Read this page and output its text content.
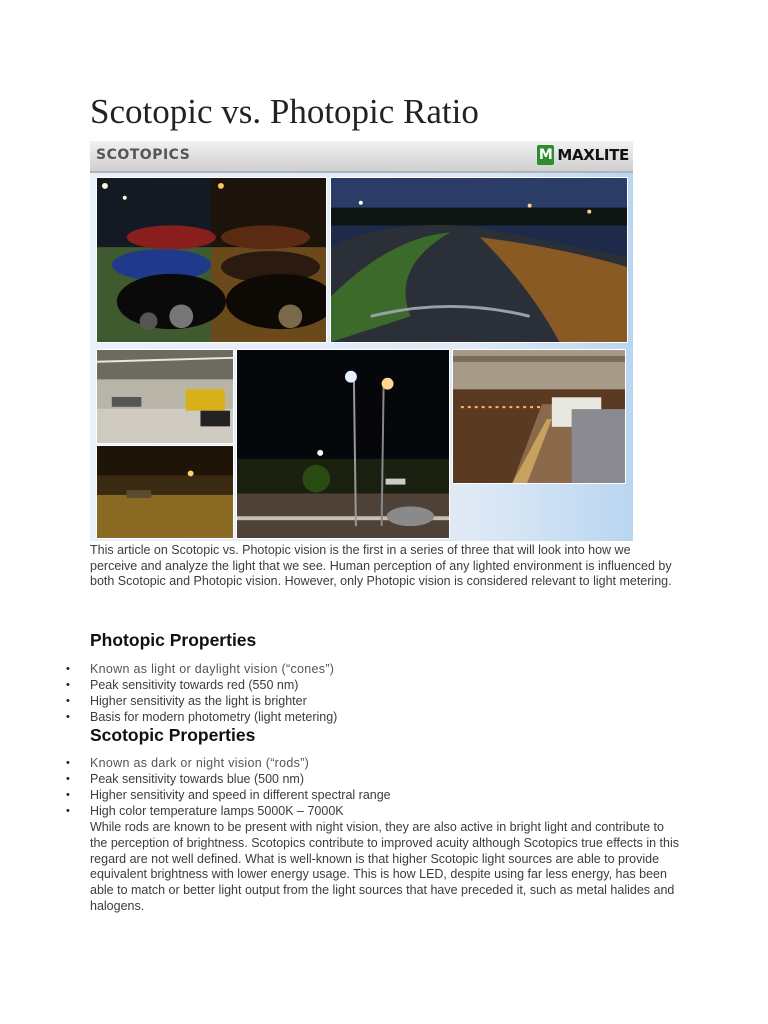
Scotopic vs. Photopic Ratio
SCOTOPICS	M MAXLITE

This article on Scotopic vs. Photopic vision is the first in a series of three that will look into how we perceive and analyze the light that we see. Human perception of any lighted environment is influenced by both Scotopic and Photopic vision. However, only Photopic vision is considered relevant to light metering.

Photopic Properties
• Known as light or daylight vision (“cones”)
• Peak sensitivity towards red (550 nm)
• Higher sensitivity as the light is brighter
• Basis for modern photometry (light metering)
Scotopic Properties
• Known as dark or night vision (“rods”)
• Peak sensitivity towards blue (500 nm)
• Higher sensitivity and speed in different spectral range
• High color temperature lamps 5000K – 7000K

While rods are known to be present with night vision, they are also active in bright light and contribute to the perception of brightness. Scotopics contribute to improved acuity although Scotopics true effects in this regard are not well defined. What is well-known is that higher Scotopic light sources are able to provide equivalent brightness with lower energy usage. This is how LED, despite using far less energy, has been able to match or better light output from the light sources that have preceded it, such as metal halides and halogens.
